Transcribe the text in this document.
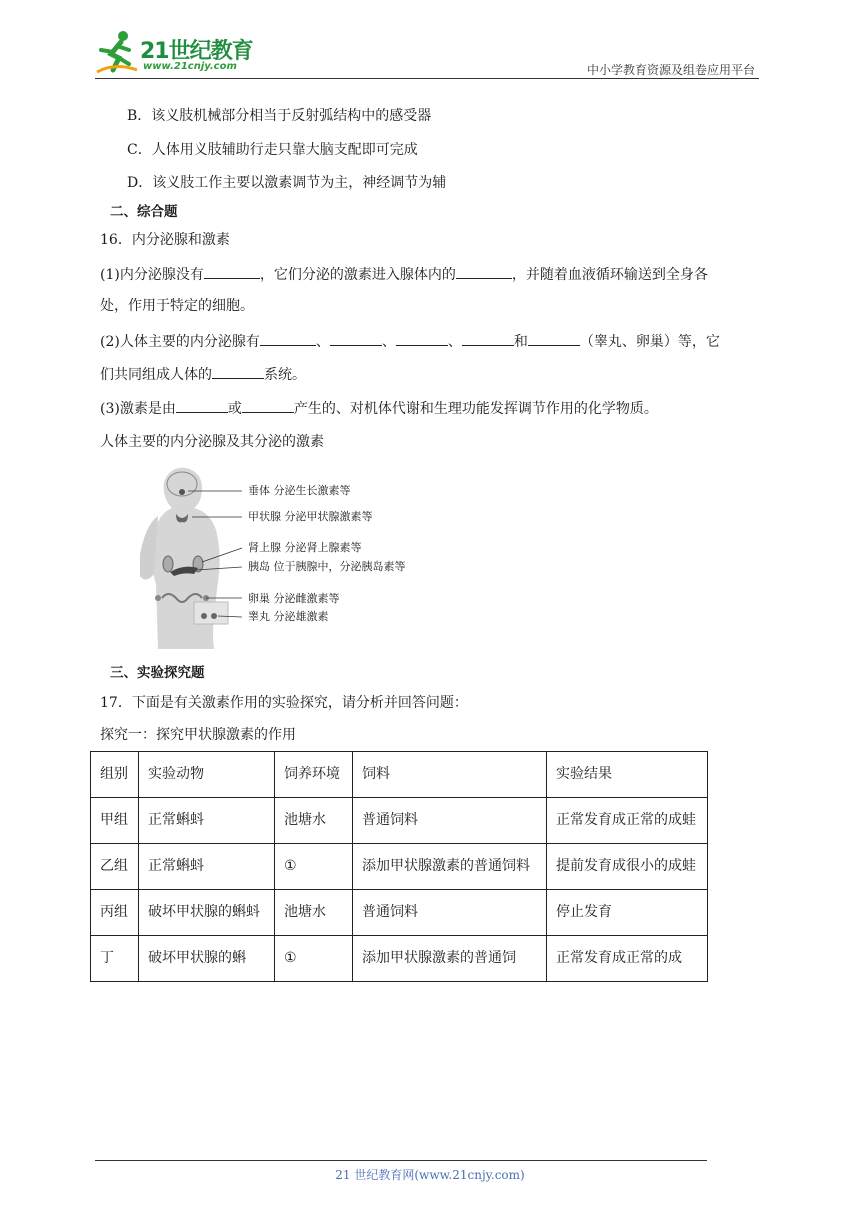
21世纪教育
www.21cnjy.com	中小学教育资源及组卷应用平台
B．该义肢机械部分相当于反射弧结构中的感受器
C．人体用义肢辅助行走只靠大脑支配即可完成
D．该义肢工作主要以激素调节为主，神经调节为辅
二、综合题
16．内分泌腺和激素
(1)内分泌腺没有	，它们分泌的激素进入腺体内的	，并随着血液循环输送到全身各
处，作用于特定的细胞。
(2)人体主要的内分泌腺有	、	、	、	和	（睾丸、卵巢）等，它
们共同组成人体的	系统。
(3)激素是由	或	产生的、对机体代谢和生理功能发挥调节作用的化学物质。
人体主要的内分泌腺及其分泌的激素
垂体 分泌生长激素等
甲状腺 分泌甲状腺激素等
肾上腺 分泌肾上腺素等
胰岛 位于胰腺中，分泌胰岛素等
卵巢 分泌雌激素等
睾丸 分泌雄激素
三、实验探究题
17．下面是有关激素作用的实验探究，请分析并回答问题：
探究一：探究甲状腺激素的作用
组别	实验动物	饲养环境	饲料	实验结果
甲组	正常蝌蚪	池塘水	普通饲料	正常发育成正常的成蛙
乙组	正常蝌蚪	①	添加甲状腺激素的普通饲料	提前发育成很小的成蛙
丙组	破坏甲状腺的蝌蚪	池塘水	普通饲料	停止发育
丁	破坏甲状腺的蝌	①	添加甲状腺激素的普通饲	正常发育成正常的成
21 世纪教育网(www.21cnjy.com)
